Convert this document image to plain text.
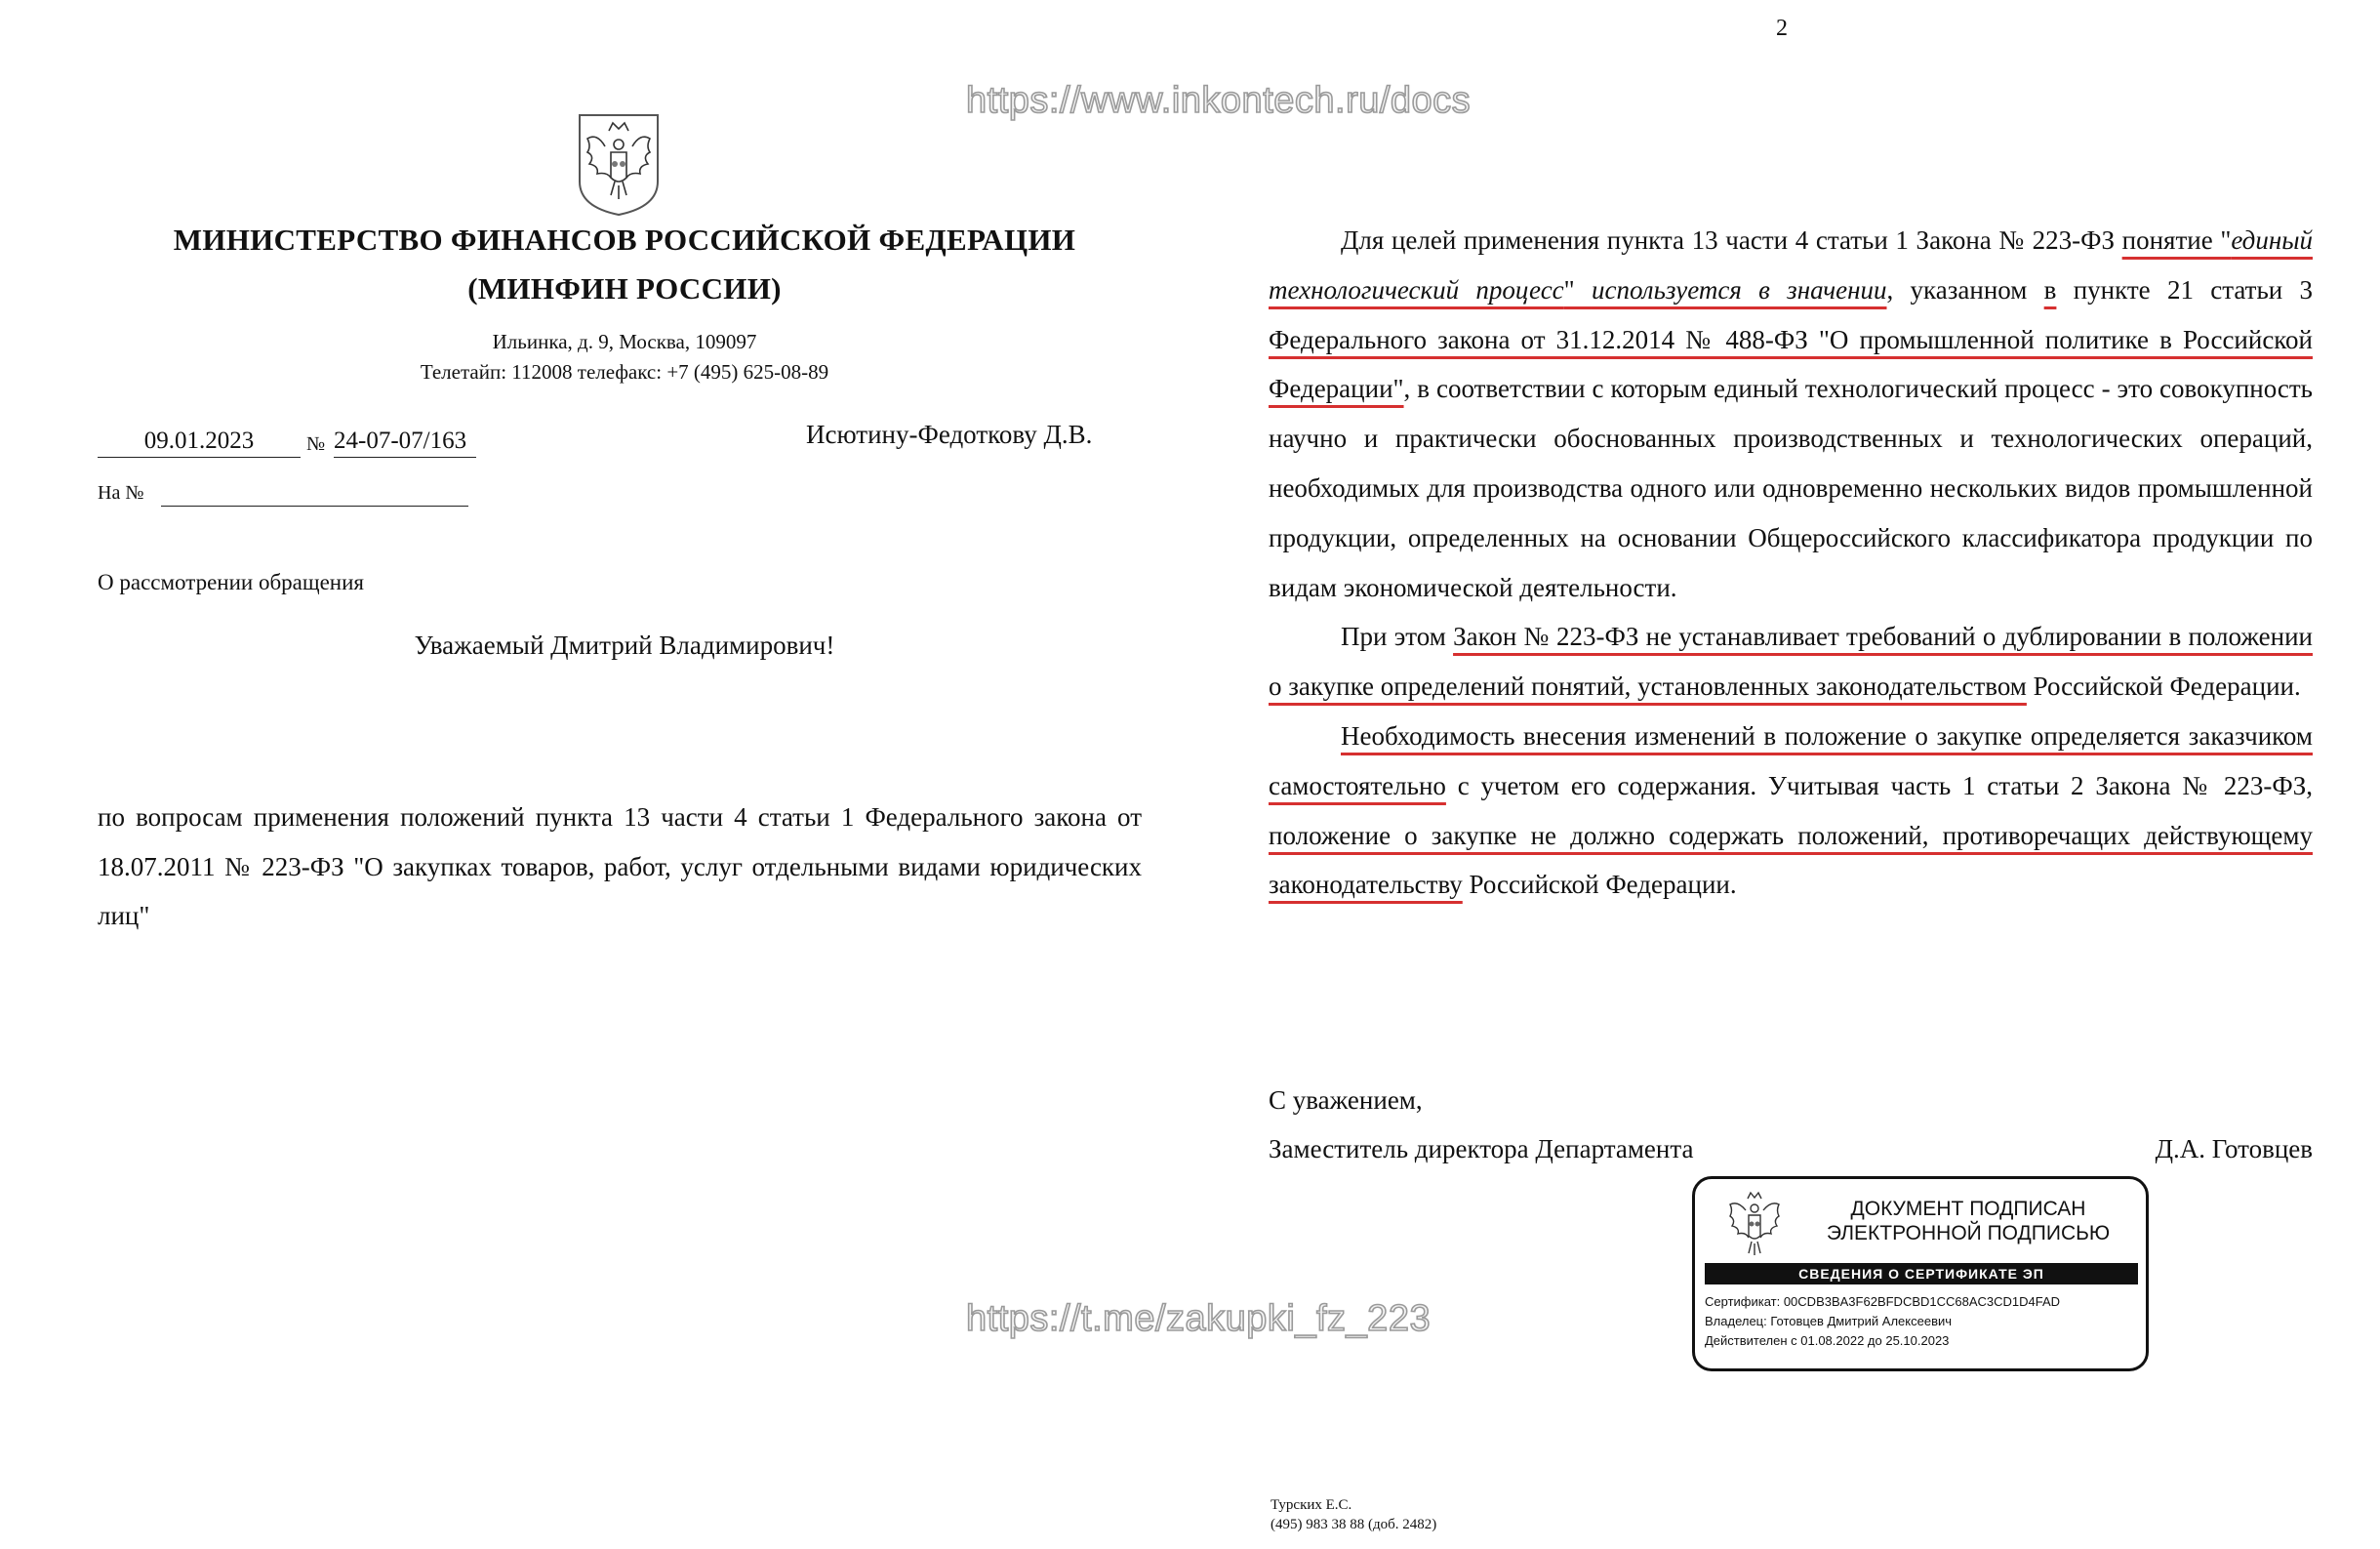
2
https://www.inkontech.ru/docs
https://t.me/zakupki_fz_223
МИНИСТЕРСТВО ФИНАНСОВ РОССИЙСКОЙ ФЕДЕРАЦИИ
(МИНФИН РОССИИ)
Ильинка, д. 9, Москва, 109097
Телетайп: 112008 телефакс: +7 (495) 625-08-89
09.01.2023	№ 24-07-07/163
На №
Исютину-Федоткову Д.В.
О рассмотрении обращения
Уважаемый Дмитрий Владимирович!

по вопросам применения положений пункта 13 части 4 статьи 1 Федерального закона от 18.07.2011 № 223-ФЗ "О закупках товаров, работ, услуг отдельными видами юридических лиц"

Для целей применения пункта 13 части 4 статьи 1 Закона № 223-ФЗ понятие "единый технологический процесс" используется в значении, указанном в пункте 21 статьи 3 Федерального закона от 31.12.2014 № 488-ФЗ "О промышленной политике в Российской Федерации", в соответствии с которым единый технологический процесс - это совокупность научно и практически обоснованных производственных и технологических операций, необходимых для производства одного или одновременно нескольких видов промышленной продукции, определенных на основании Общероссийского классификатора продукции по видам экономической деятельности.

При этом Закон № 223-ФЗ не устанавливает требований о дублировании в положении о закупке определений понятий, установленных законодательством Российской Федерации.

Необходимость внесения изменений в положение о закупке определяется заказчиком самостоятельно с учетом его содержания. Учитывая часть 1 статьи 2 Закона № 223-ФЗ, положение о закупке не должно содержать положений, противоречащих действующему законодательству Российской Федерации.

С уважением,
Заместитель директора Департамента	Д.А. Готовцев
ДОКУМЕНТ ПОДПИСАН
ЭЛЕКТРОННОЙ ПОДПИСЬЮ
СВЕДЕНИЯ О СЕРТИФИКАТЕ ЭП
Сертификат: 00CDB3BA3F62BFDCBD1CC68AC3CD1D4FAD
Владелец: Готовцев Дмитрий Алексеевич
Действителен с 01.08.2022 до 25.10.2023
Турских Е.С.
(495) 983 38 88 (доб. 2482)
